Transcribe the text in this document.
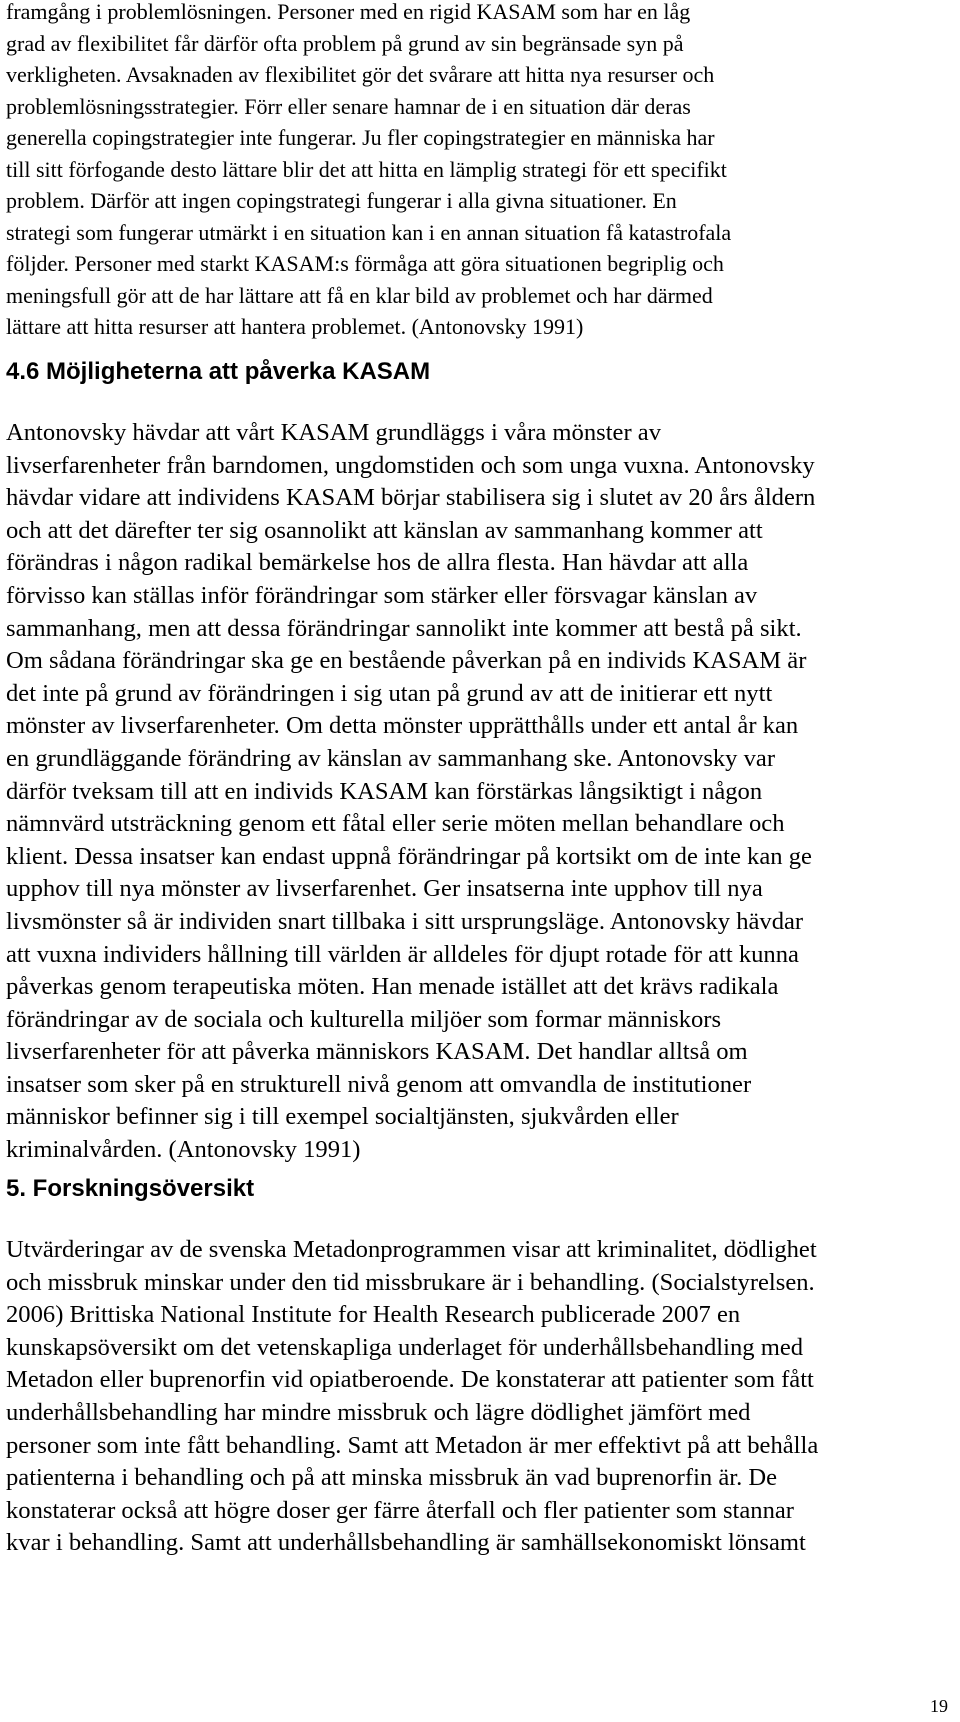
framgång i problemlösningen. Personer med en rigid KASAM som har en låg
grad av flexibilitet får därför ofta problem på grund av sin begränsade syn på
verkligheten. Avsaknaden av flexibilitet gör det svårare att hitta nya resurser och
problemlösningsstrategier. Förr eller senare hamnar de i en situation där deras
generella copingstrategier inte fungerar. Ju fler copingstrategier en människa har
till sitt förfogande desto lättare blir det att hitta en lämplig strategi för ett specifikt
problem. Därför att ingen copingstrategi fungerar i alla givna situationer. En
strategi som fungerar utmärkt i en situation kan i en annan situation få katastrofala
följder. Personer med starkt KASAM:s förmåga att göra situationen begriplig och
meningsfull gör att de har lättare att få en klar bild av problemet och har därmed
lättare att hitta resurser att hantera problemet. (Antonovsky 1991)

4.6 Möjligheterna att påverka KASAM

Antonovsky hävdar att vårt KASAM grundläggs i våra mönster av
livserfarenheter från barndomen, ungdomstiden och som unga vuxna. Antonovsky
hävdar vidare att individens KASAM börjar stabilisera sig i slutet av 20 års åldern
och att det därefter ter sig osannolikt att känslan av sammanhang kommer att
förändras i någon radikal bemärkelse hos de allra flesta. Han hävdar att alla
förvisso kan ställas inför förändringar som stärker eller försvagar känslan av
sammanhang, men att dessa förändringar sannolikt inte kommer att bestå på sikt.
Om sådana förändringar ska ge en bestående påverkan på en individs KASAM är
det inte på grund av förändringen i sig utan på grund av att de initierar ett nytt
mönster av livserfarenheter. Om detta mönster upprätthålls under ett antal år kan
en grundläggande förändring av känslan av sammanhang ske. Antonovsky var
därför tveksam till att en individs KASAM kan förstärkas långsiktigt i någon
nämnvärd utsträckning genom ett fåtal eller serie möten mellan behandlare och
klient. Dessa insatser kan endast uppnå förändringar på kortsikt om de inte kan ge
upphov till nya mönster av livserfarenhet. Ger insatserna inte upphov till nya
livsmönster så är individen snart tillbaka i sitt ursprungsläge. Antonovsky hävdar
att vuxna individers hållning till världen är alldeles för djupt rotade för att kunna
påverkas genom terapeutiska möten. Han menade istället att det krävs radikala
förändringar av de sociala och kulturella miljöer som formar människors
livserfarenheter för att påverka människors KASAM. Det handlar alltså om
insatser som sker på en strukturell nivå genom att omvandla de institutioner
människor befinner sig i till exempel socialtjänsten, sjukvården eller
kriminalvården. (Antonovsky 1991)

5. Forskningsöversikt

Utvärderingar av de svenska Metadonprogrammen visar att kriminalitet, dödlighet
och missbruk minskar under den tid missbrukare är i behandling. (Socialstyrelsen.
2006) Brittiska National Institute for Health Research publicerade 2007 en
kunskapsöversikt om det vetenskapliga underlaget för underhållsbehandling med
Metadon eller buprenorfin vid opiatberoende. De konstaterar att patienter som fått
underhållsbehandling har mindre missbruk och lägre dödlighet jämfört med
personer som inte fått behandling. Samt att Metadon är mer effektivt på att behålla
patienterna i behandling och på att minska missbruk än vad buprenorfin är. De
konstaterar också att högre doser ger färre återfall och fler patienter som stannar
kvar i behandling. Samt att underhållsbehandling är samhällsekonomiskt lönsamt

19
